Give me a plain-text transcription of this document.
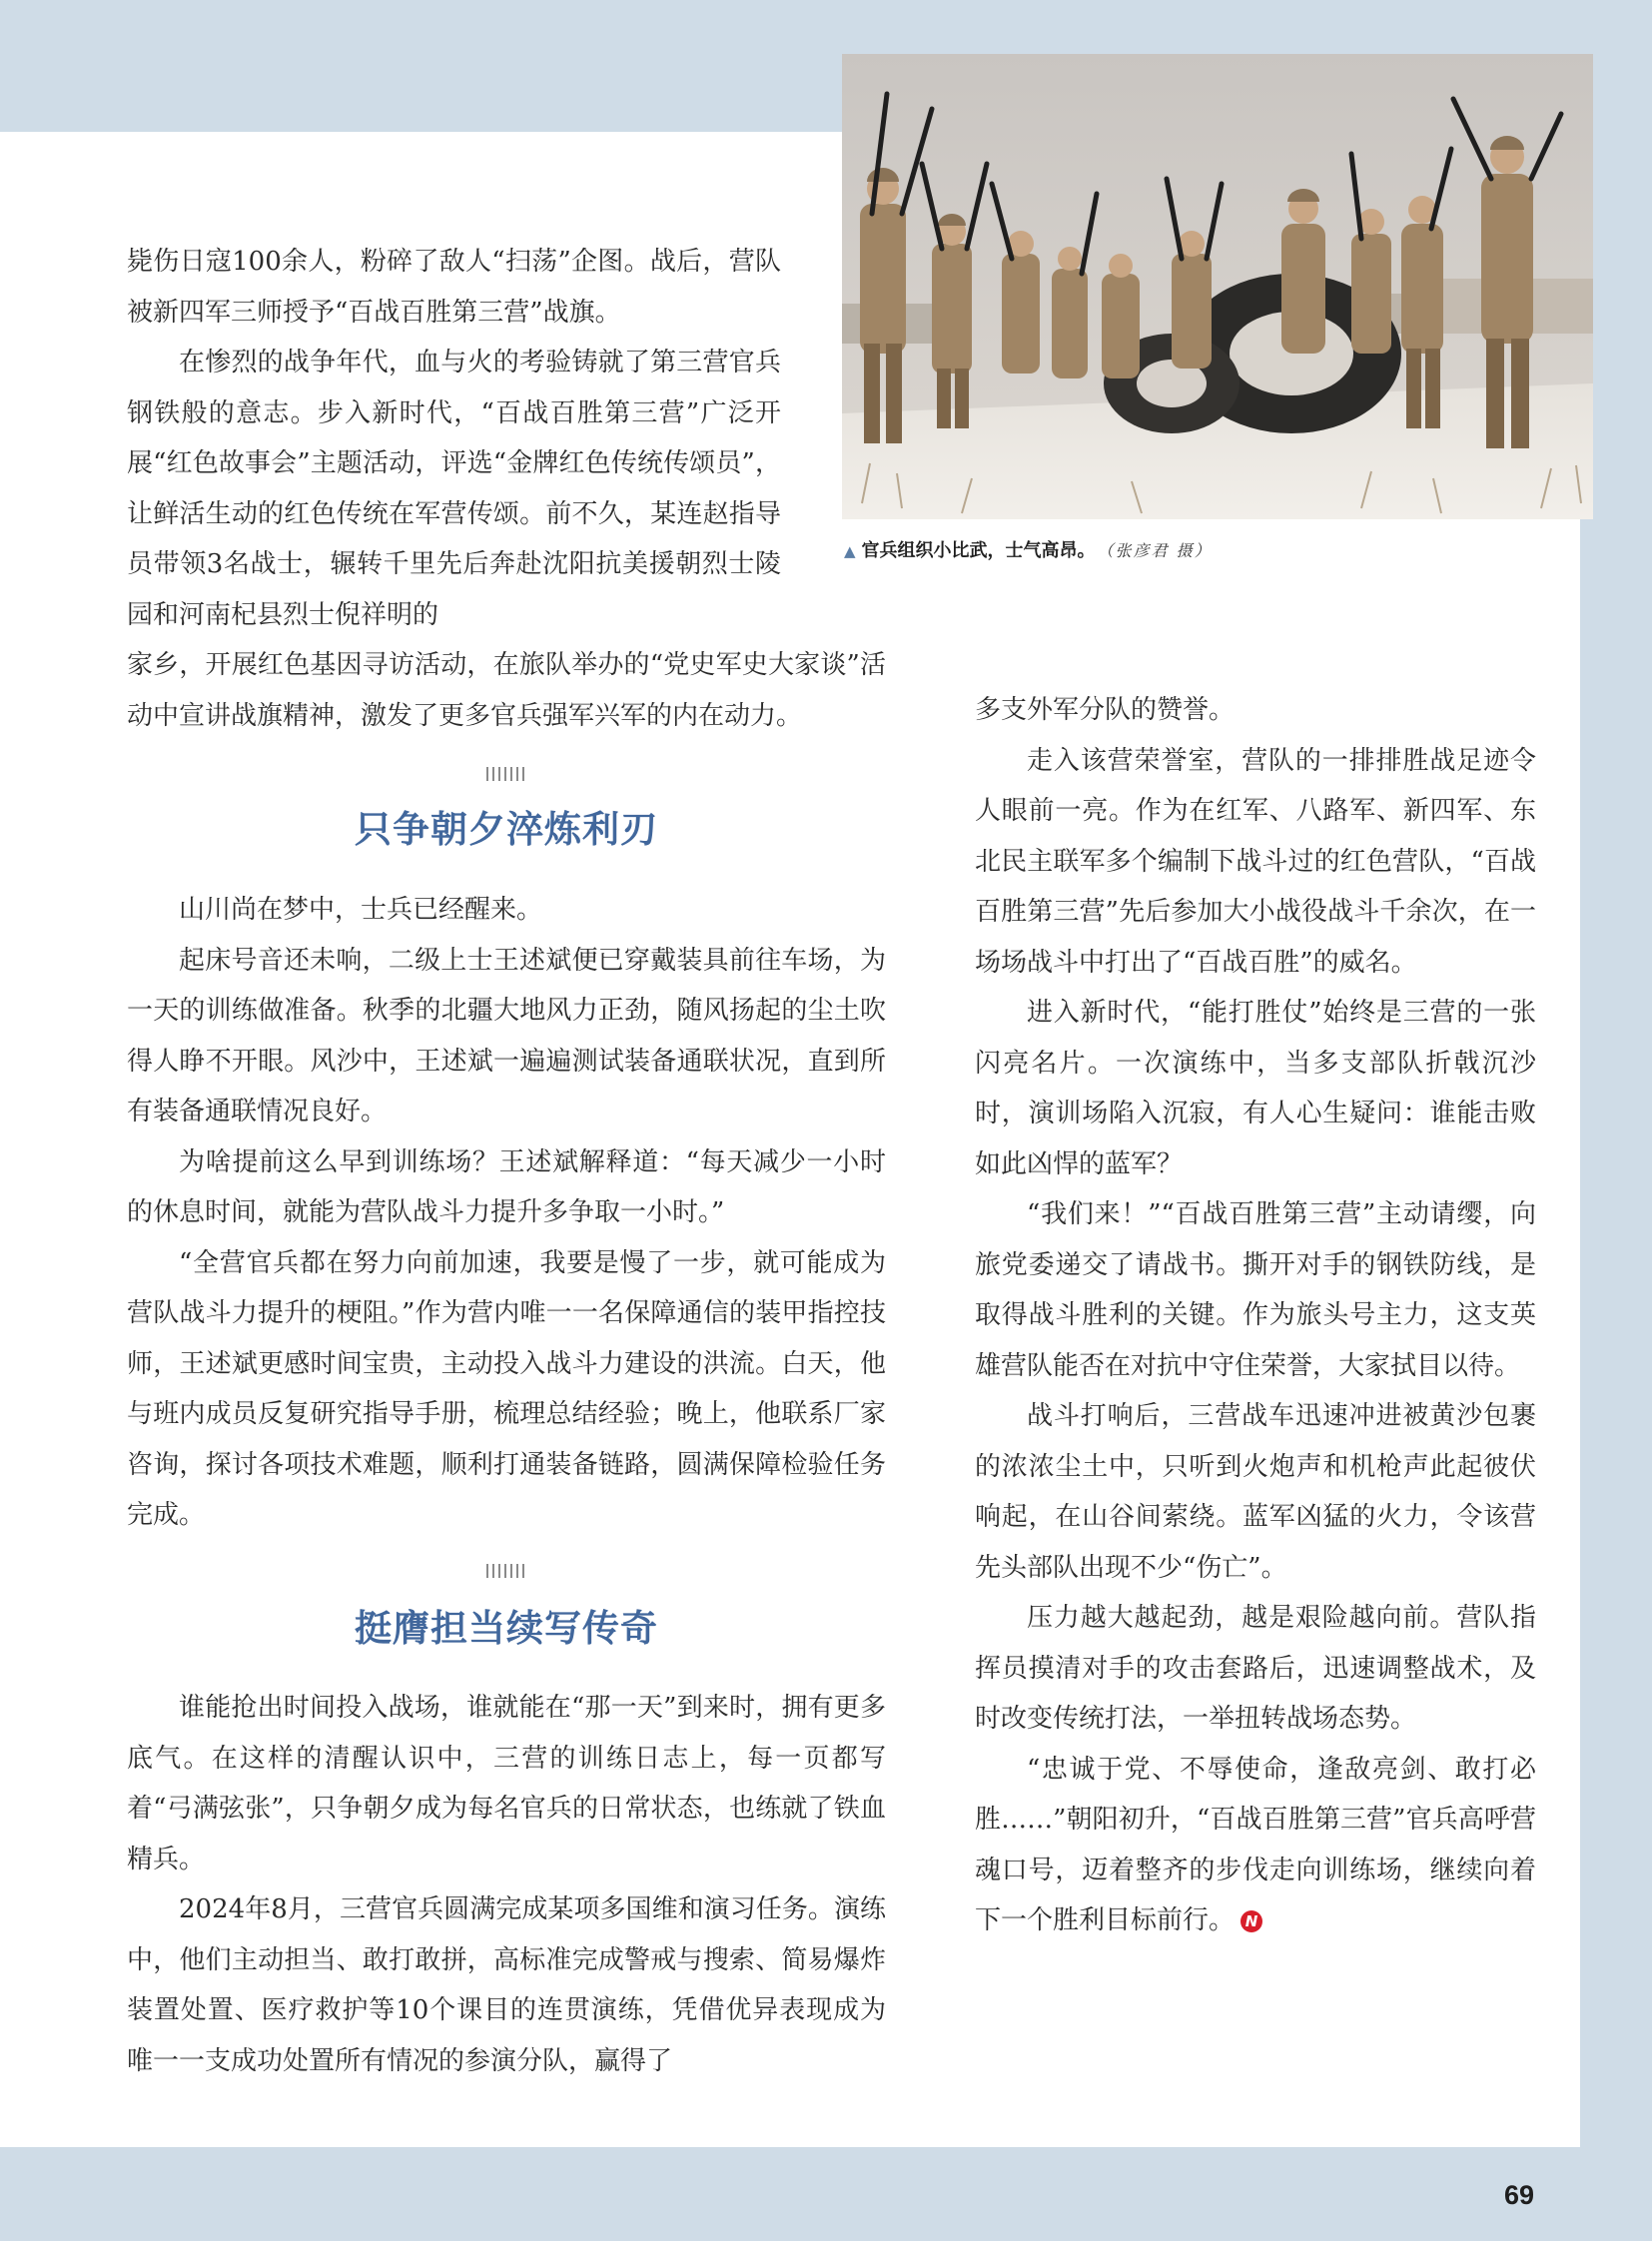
▲ 官兵组织小比武，士气高昂。 （张彦君 摄）

毙伤日寇100余人，粉碎了敌人“扫荡”企图。战后，营队被新四军三师授予“百战百胜第三营”战旗。

在惨烈的战争年代，血与火的考验铸就了第三营官兵钢铁般的意志。步入新时代，“百战百胜第三营”广泛开展“红色故事会”主题活动，评选“金牌红色传统传颂员”，让鲜活生动的红色传统在军营传颂。前不久，某连赵指导员带领3名战士，辗转千里先后奔赴沈阳抗美援朝烈士陵园和河南杞县烈士倪祥明的

家乡，开展红色基因寻访活动，在旅队举办的“党史军史大家谈”活动中宣讲战旗精神，激发了更多官兵强军兴军的内在动力。

只争朝夕淬炼利刃

山川尚在梦中，士兵已经醒来。

起床号音还未响，二级上士王述斌便已穿戴装具前往车场，为一天的训练做准备。秋季的北疆大地风力正劲，随风扬起的尘土吹得人睁不开眼。风沙中，王述斌一遍遍测试装备通联状况，直到所有装备通联情况良好。

为啥提前这么早到训练场？王述斌解释道：“每天减少一小时的休息时间，就能为营队战斗力提升多争取一小时。”

“全营官兵都在努力向前加速，我要是慢了一步，就可能成为营队战斗力提升的梗阻。”作为营内唯一一名保障通信的装甲指控技师，王述斌更感时间宝贵，主动投入战斗力建设的洪流。白天，他与班内成员反复研究指导手册，梳理总结经验；晚上，他联系厂家咨询，探讨各项技术难题，顺利打通装备链路，圆满保障检验任务完成。

挺膺担当续写传奇

谁能抢出时间投入战场，谁就能在“那一天”到来时，拥有更多底气。在这样的清醒认识中，三营的训练日志上，每一页都写着“弓满弦张”，只争朝夕成为每名官兵的日常状态，也练就了铁血精兵。

2024年8月，三营官兵圆满完成某项多国维和演习任务。演练中，他们主动担当、敢打敢拼，高标准完成警戒与搜索、简易爆炸装置处置、医疗救护等10个课目的连贯演练，凭借优异表现成为唯一一支成功处置所有情况的参演分队，赢得了

多支外军分队的赞誉。

走入该营荣誉室，营队的一排排胜战足迹令人眼前一亮。作为在红军、八路军、新四军、东北民主联军多个编制下战斗过的红色营队，“百战百胜第三营”先后参加大小战役战斗千余次，在一场场战斗中打出了“百战百胜”的威名。

进入新时代，“能打胜仗”始终是三营的一张闪亮名片。一次演练中，当多支部队折戟沉沙时，演训场陷入沉寂，有人心生疑问：谁能击败如此凶悍的蓝军？

“我们来！”“百战百胜第三营”主动请缨，向旅党委递交了请战书。撕开对手的钢铁防线，是取得战斗胜利的关键。作为旅头号主力，这支英雄营队能否在对抗中守住荣誉，大家拭目以待。

战斗打响后，三营战车迅速冲进被黄沙包裹的浓浓尘土中，只听到火炮声和机枪声此起彼伏响起，在山谷间萦绕。蓝军凶猛的火力，令该营先头部队出现不少“伤亡”。

压力越大越起劲，越是艰险越向前。营队指挥员摸清对手的攻击套路后，迅速调整战术，及时改变传统打法，一举扭转战场态势。

“忠诚于党、不辱使命，逢敌亮剑、敢打必胜……”朝阳初升，“百战百胜第三营”官兵高呼营魂口号，迈着整齐的步伐走向训练场，继续向着下一个胜利目标前行。 N

69
